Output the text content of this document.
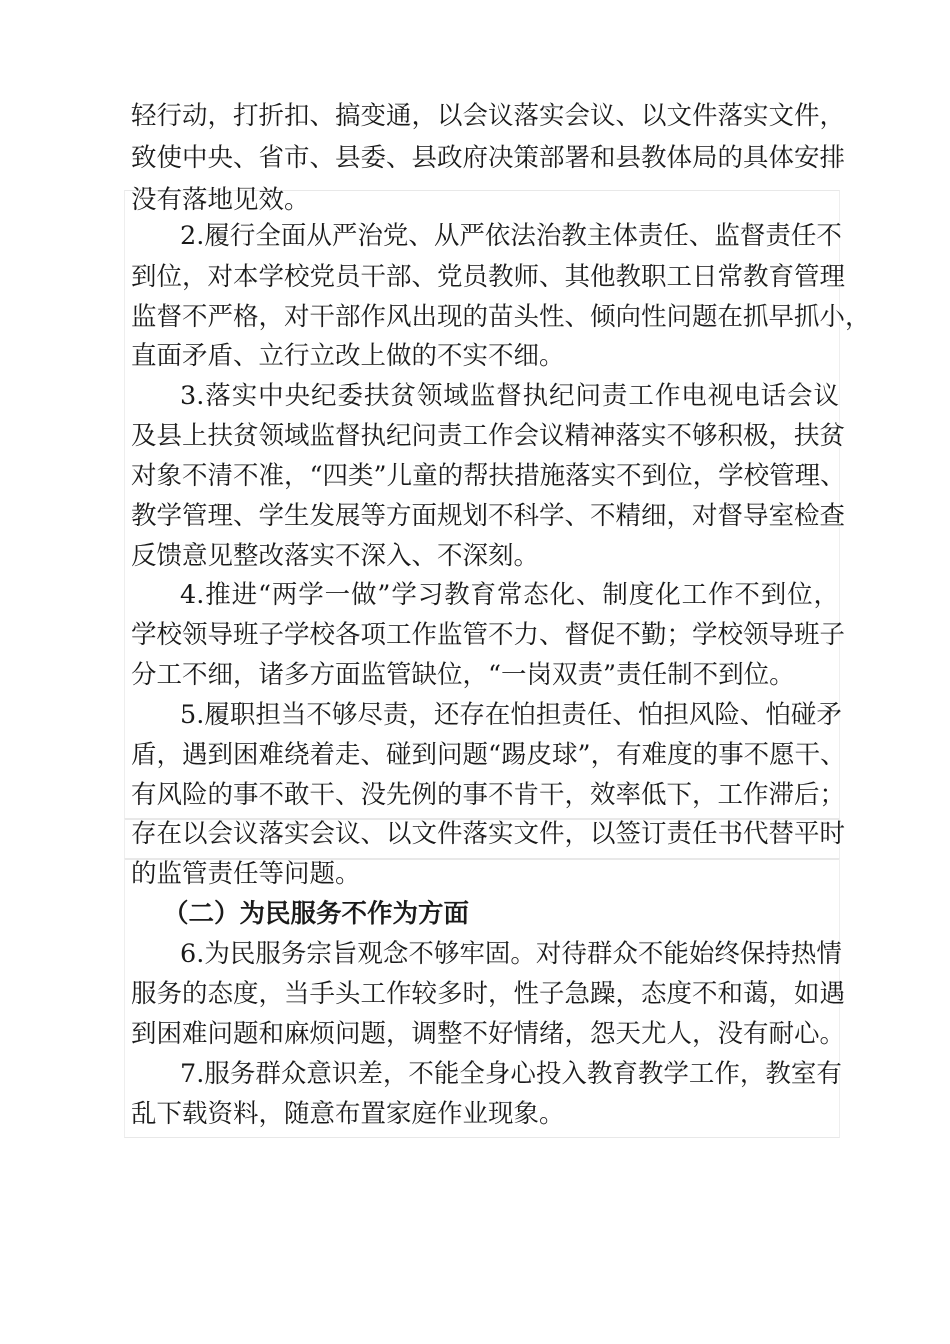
轻行动，打折扣、搞变通，以会议落实会议、以文件落实文件，
致使中央、省市、县委、县政府决策部署和县教体局的具体安排
没有落地见效。
2.履行全面从严治党、从严依法治教主体责任、监督责任不
到位，对本学校党员干部、党员教师、其他教职工日常教育管理
监督不严格，对干部作风出现的苗头性、倾向性问题在抓早抓小，
直面矛盾、立行立改上做的不实不细。
3.落实中央纪委扶贫领域监督执纪问责工作电视电话会议
及县上扶贫领域监督执纪问责工作会议精神落实不够积极，扶贫
对象不清不准，“四类”儿童的帮扶措施落实不到位，学校管理、
教学管理、学生发展等方面规划不科学、不精细，对督导室检查
反馈意见整改落实不深入、不深刻。
4.推进“两学一做”学习教育常态化、制度化工作不到位，
学校领导班子学校各项工作监管不力、督促不勤；学校领导班子
分工不细，诸多方面监管缺位，“一岗双责”责任制不到位。
5.履职担当不够尽责，还存在怕担责任、怕担风险、怕碰矛
盾，遇到困难绕着走、碰到问题“踢皮球”，有难度的事不愿干、
有风险的事不敢干、没先例的事不肯干，效率低下，工作滞后；
存在以会议落实会议、以文件落实文件，以签订责任书代替平时
的监管责任等问题。
（二）为民服务不作为方面
6.为民服务宗旨观念不够牢固。对待群众不能始终保持热情
服务的态度，当手头工作较多时，性子急躁，态度不和蔼，如遇
到困难问题和麻烦问题，调整不好情绪，怨天尤人，没有耐心。
7.服务群众意识差，不能全身心投入教育教学工作，教室有
乱下载资料，随意布置家庭作业现象。
